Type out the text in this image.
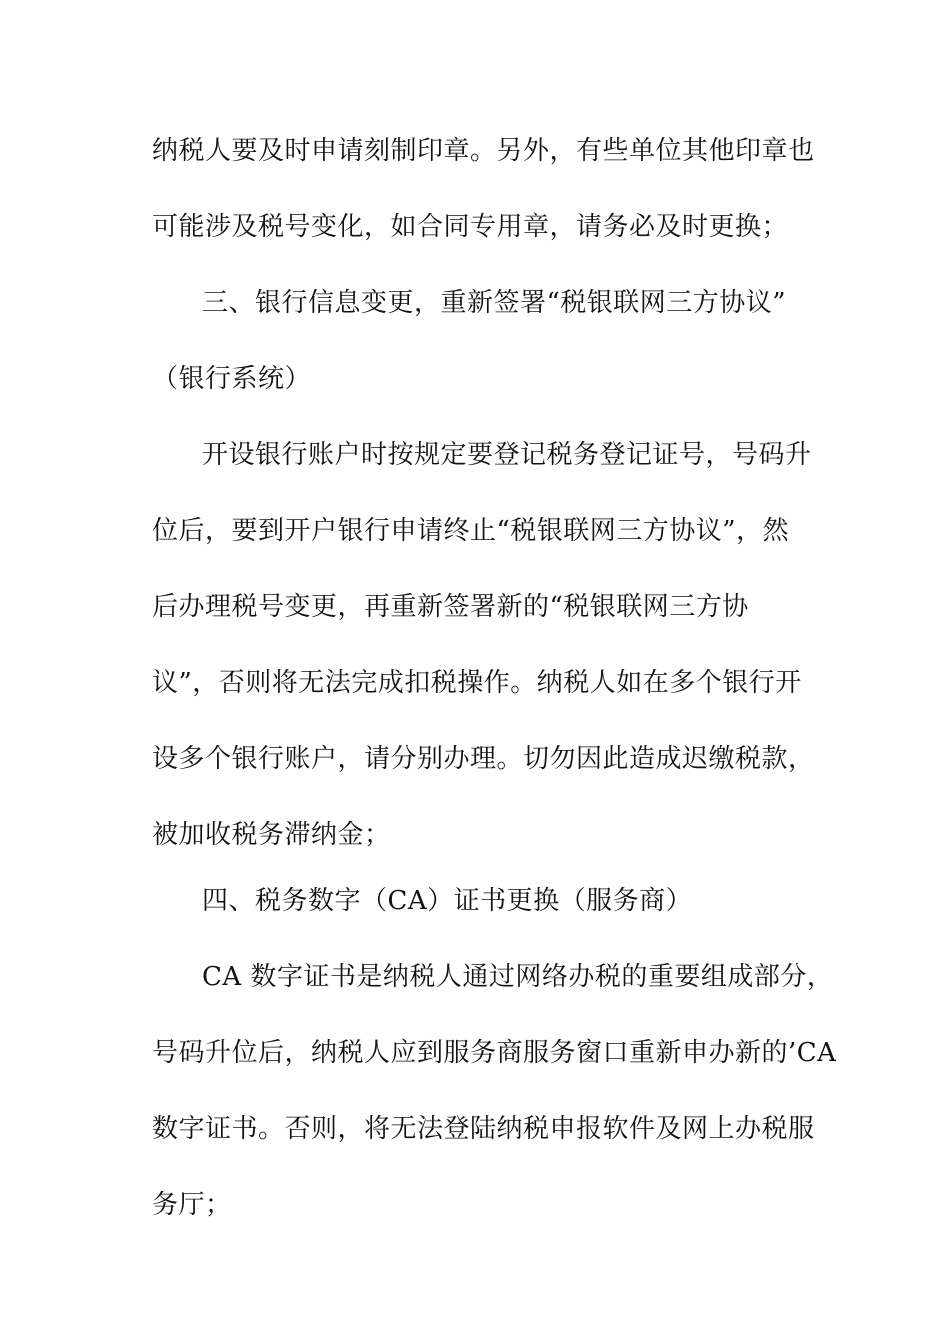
纳税人要及时申请刻制印章。另外，有些单位其他印章也
可能涉及税号变化，如合同专用章，请务必及时更换；
三、银行信息变更，重新签署“税银联网三方协议”
（银行系统）
开设银行账户时按规定要登记税务登记证号，号码升
位后，要到开户银行申请终止“税银联网三方协议”，然
后办理税号变更，再重新签署新的“税银联网三方协
议”，否则将无法完成扣税操作。纳税人如在多个银行开
设多个银行账户，请分别办理。切勿因此造成迟缴税款，
被加收税务滞纳金；
四、税务数字（CA）证书更换（服务商）
CA 数字证书是纳税人通过网络办税的重要组成部分，
号码升位后，纳税人应到服务商服务窗口重新申办新的’CA
数字证书。否则，将无法登陆纳税申报软件及网上办税服
务厅；
